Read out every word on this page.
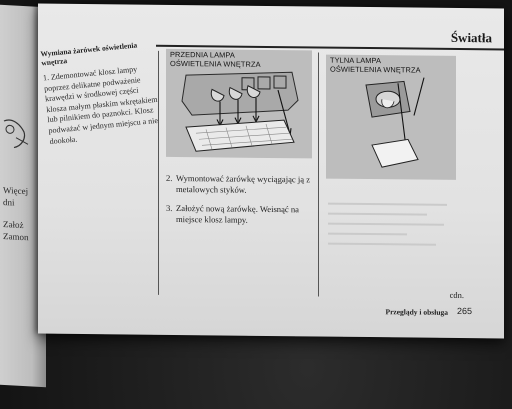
Więcej
dni
Założ
Zamon
Światła
Wymiana żarówek oświetlenia wnętrza
1. Zdemontować klosz lampy poprzez delikatne podważenie krawędzi w środkowej części klosza małym płaskim wkrętakiem lub pilnikiem do paznokci. Klosz podważać w jednym miejscu a nie dookoła.
PRZEDNIA LAMPA
OŚWIETLENIA WNĘTRZA	TYLNA LAMPA
OŚWIETLENIA WNĘTRZA
2. Wymontować żarówkę wyciągając ją z metalowych styków.
3. Założyć nową żarówkę. Weisnąć na miejsce klosz lampy.
cdn.
Przeglądy i obsługa 265
